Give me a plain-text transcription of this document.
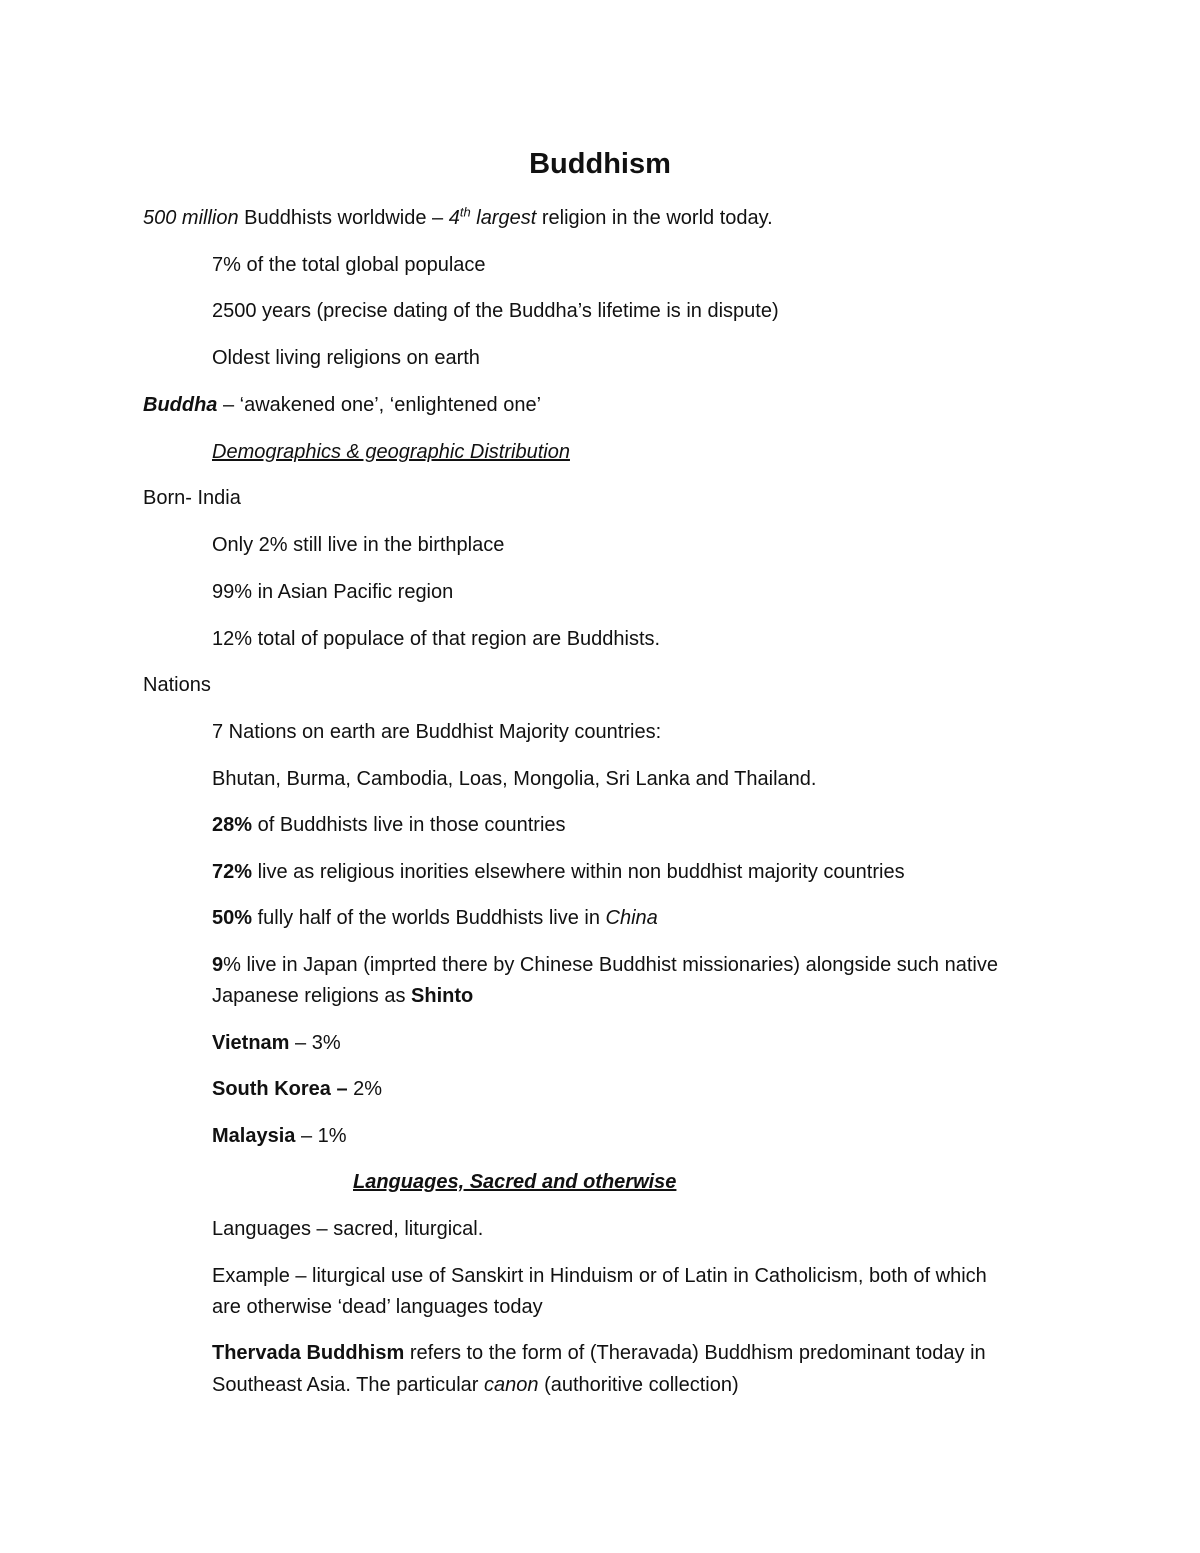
Buddhism
500 million Buddhists worldwide – 4th largest religion in the world today.
7% of the total global populace
2500 years (precise dating of the Buddha’s lifetime is in dispute)
Oldest living religions on earth
Buddha – ‘awakened one’, ‘enlightened one’
Demographics & geographic Distribution
Born- India
Only 2% still live in the birthplace
99% in Asian Pacific region
12% total of populace of that region are Buddhists.
Nations
7 Nations on earth are Buddhist Majority countries:
Bhutan, Burma, Cambodia, Loas, Mongolia, Sri Lanka and Thailand.
28% of Buddhists live in those countries
72% live as religious inorities elsewhere within non buddhist majority countries
50% fully half of the worlds Buddhists live in China
9% live in Japan (imprted there by Chinese Buddhist missionaries) alongside such native
Japanese religions as Shinto
Vietnam – 3%
South Korea – 2%
Malaysia – 1%
Languages, Sacred and otherwise
Languages – sacred, liturgical.
Example – liturgical use of Sanskirt in Hinduism or of Latin in Catholicism, both of which
are otherwise ‘dead’ languages today
Thervada Buddhism refers to the form of (Theravada) Buddhism predominant today in
Southeast Asia. The particular canon (authoritive collection)
